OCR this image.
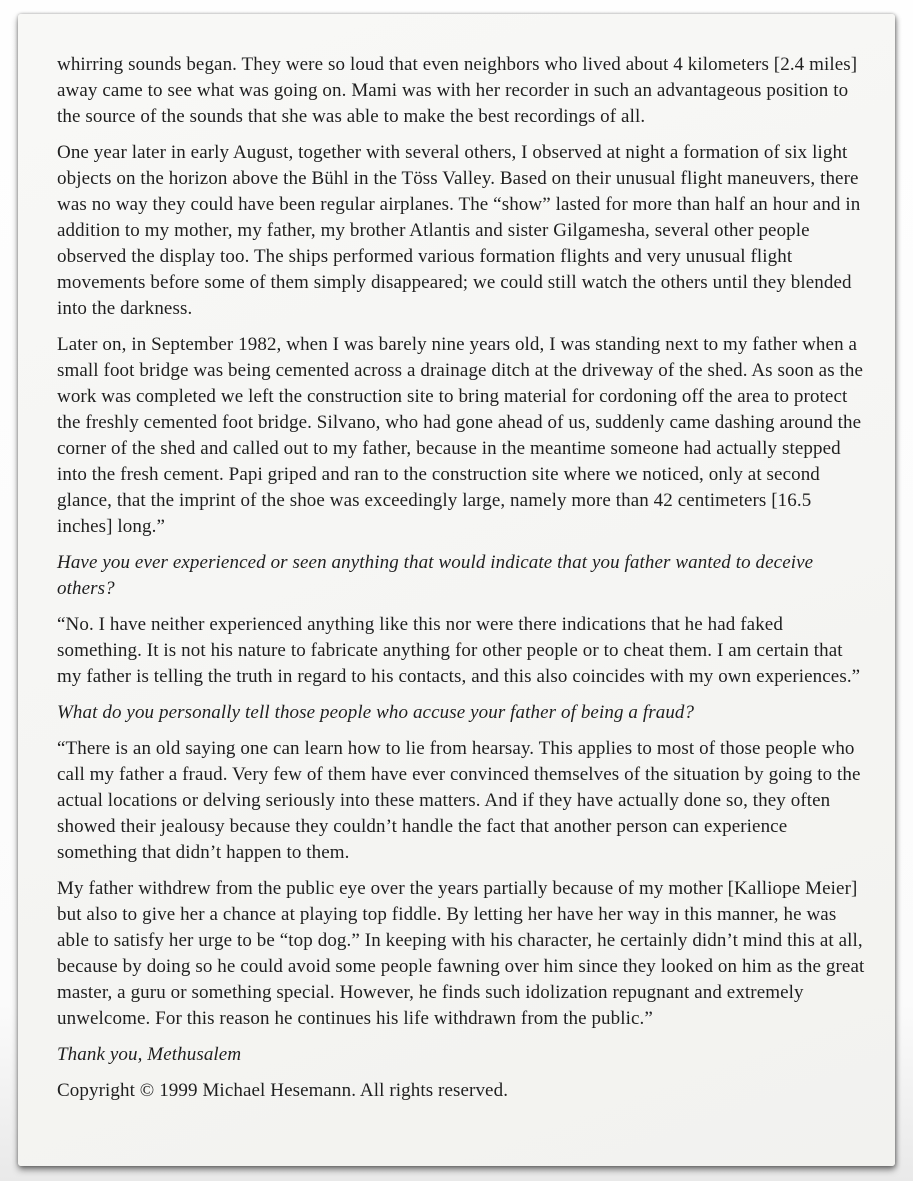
whirring sounds began. They were so loud that even neighbors who lived about 4 kilometers [2.4 miles] away came to see what was going on. Mami was with her recorder in such an advantageous position to the source of the sounds that she was able to make the best recordings of all.

One year later in early August, together with several others, I observed at night a formation of six light objects on the horizon above the Bühl in the Töss Valley. Based on their unusual flight maneuvers, there was no way they could have been regular airplanes. The “show” lasted for more than half an hour and in addition to my mother, my father, my brother Atlantis and sister Gilgamesha, several other people observed the display too. The ships performed various formation flights and very unusual flight movements before some of them simply disappeared; we could still watch the others until they blended into the darkness.

Later on, in September 1982, when I was barely nine years old, I was standing next to my father when a small foot bridge was being cemented across a drainage ditch at the driveway of the shed. As soon as the work was completed we left the construction site to bring material for cordoning off the area to protect the freshly cemented foot bridge. Silvano, who had gone ahead of us, suddenly came dashing around the corner of the shed and called out to my father, because in the meantime someone had actually stepped into the fresh cement. Papi griped and ran to the construction site where we noticed, only at second glance, that the imprint of the shoe was exceedingly large, namely more than 42 centimeters [16.5 inches] long.”

Have you ever experienced or seen anything that would indicate that you father wanted to deceive others?

“No. I have neither experienced anything like this nor were there indications that he had faked something. It is not his nature to fabricate anything for other people or to cheat them. I am certain that my father is telling the truth in regard to his contacts, and this also coincides with my own experiences.”

What do you personally tell those people who accuse your father of being a fraud?

“There is an old saying one can learn how to lie from hearsay. This applies to most of those people who call my father a fraud. Very few of them have ever convinced themselves of the situation by going to the actual locations or delving seriously into these matters. And if they have actually done so, they often showed their jealousy because they couldn’t handle the fact that another person can experience something that didn’t happen to them.

My father withdrew from the public eye over the years partially because of my mother [Kalliope Meier] but also to give her a chance at playing top fiddle. By letting her have her way in this manner, he was able to satisfy her urge to be “top dog.” In keeping with his character, he certainly didn’t mind this at all, because by doing so he could avoid some people fawning over him since they looked on him as the great master, a guru or something special. However, he finds such idolization repugnant and extremely unwelcome. For this reason he continues his life withdrawn from the public.”

Thank you, Methusalem

Copyright © 1999 Michael Hesemann. All rights reserved.
